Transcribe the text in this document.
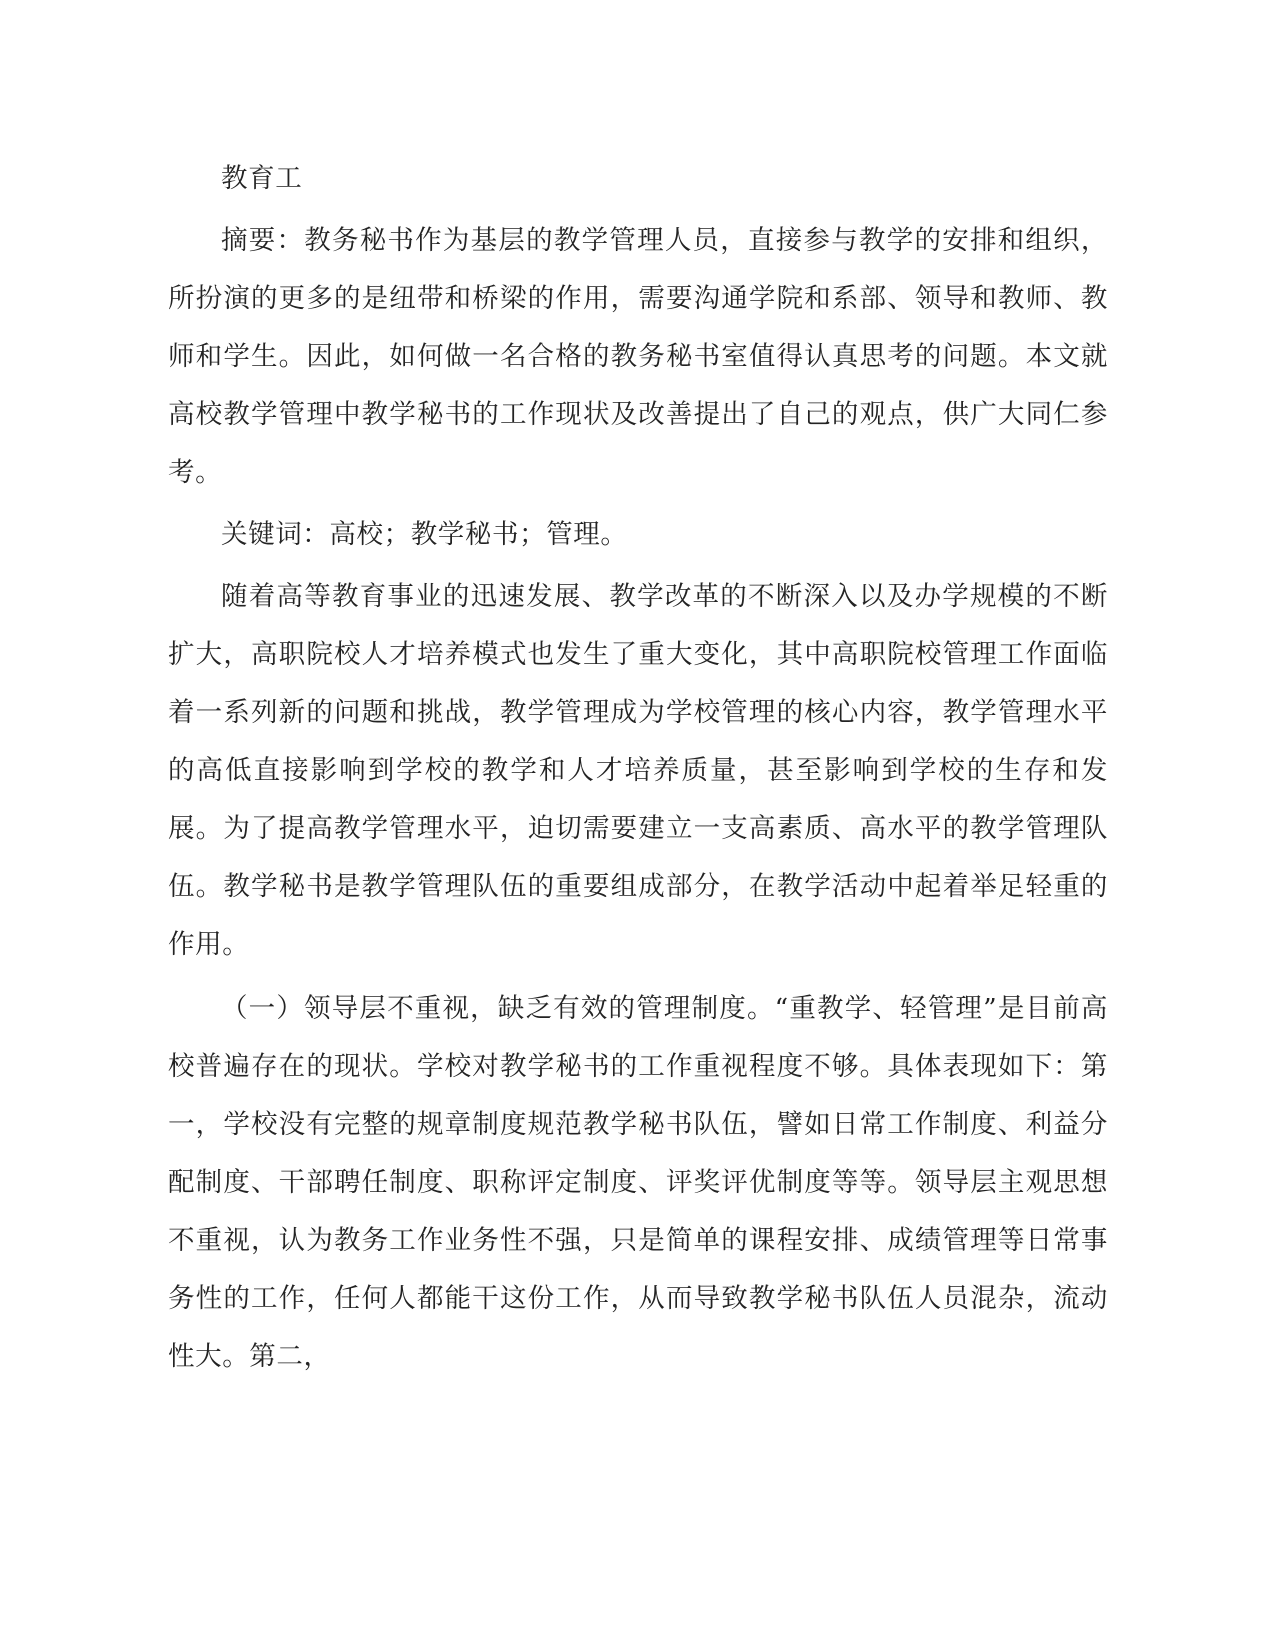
教育工

摘要：教务秘书作为基层的教学管理人员，直接参与教学的安排和组织，所扮演的更多的是纽带和桥梁的作用，需要沟通学院和系部、领导和教师、教师和学生。因此，如何做一名合格的教务秘书室值得认真思考的问题。本文就高校教学管理中教学秘书的工作现状及改善提出了自己的观点，供广大同仁参考。

关键词：高校；教学秘书；管理。

随着高等教育事业的迅速发展、教学改革的不断深入以及办学规模的不断扩大，高职院校人才培养模式也发生了重大变化，其中高职院校管理工作面临着一系列新的问题和挑战，教学管理成为学校管理的核心内容，教学管理水平的高低直接影响到学校的教学和人才培养质量，甚至影响到学校的生存和发展。为了提高教学管理水平，迫切需要建立一支高素质、高水平的教学管理队伍。教学秘书是教学管理队伍的重要组成部分，在教学活动中起着举足轻重的作用。

（一）领导层不重视，缺乏有效的管理制度。“重教学、轻管理”是目前高校普遍存在的现状。学校对教学秘书的工作重视程度不够。具体表现如下：第一，学校没有完整的规章制度规范教学秘书队伍，譬如日常工作制度、利益分配制度、干部聘任制度、职称评定制度、评奖评优制度等等。领导层主观思想不重视，认为教务工作业务性不强，只是简单的课程安排、成绩管理等日常事务性的工作，任何人都能干这份工作，从而导致教学秘书队伍人员混杂，流动性大。第二，
